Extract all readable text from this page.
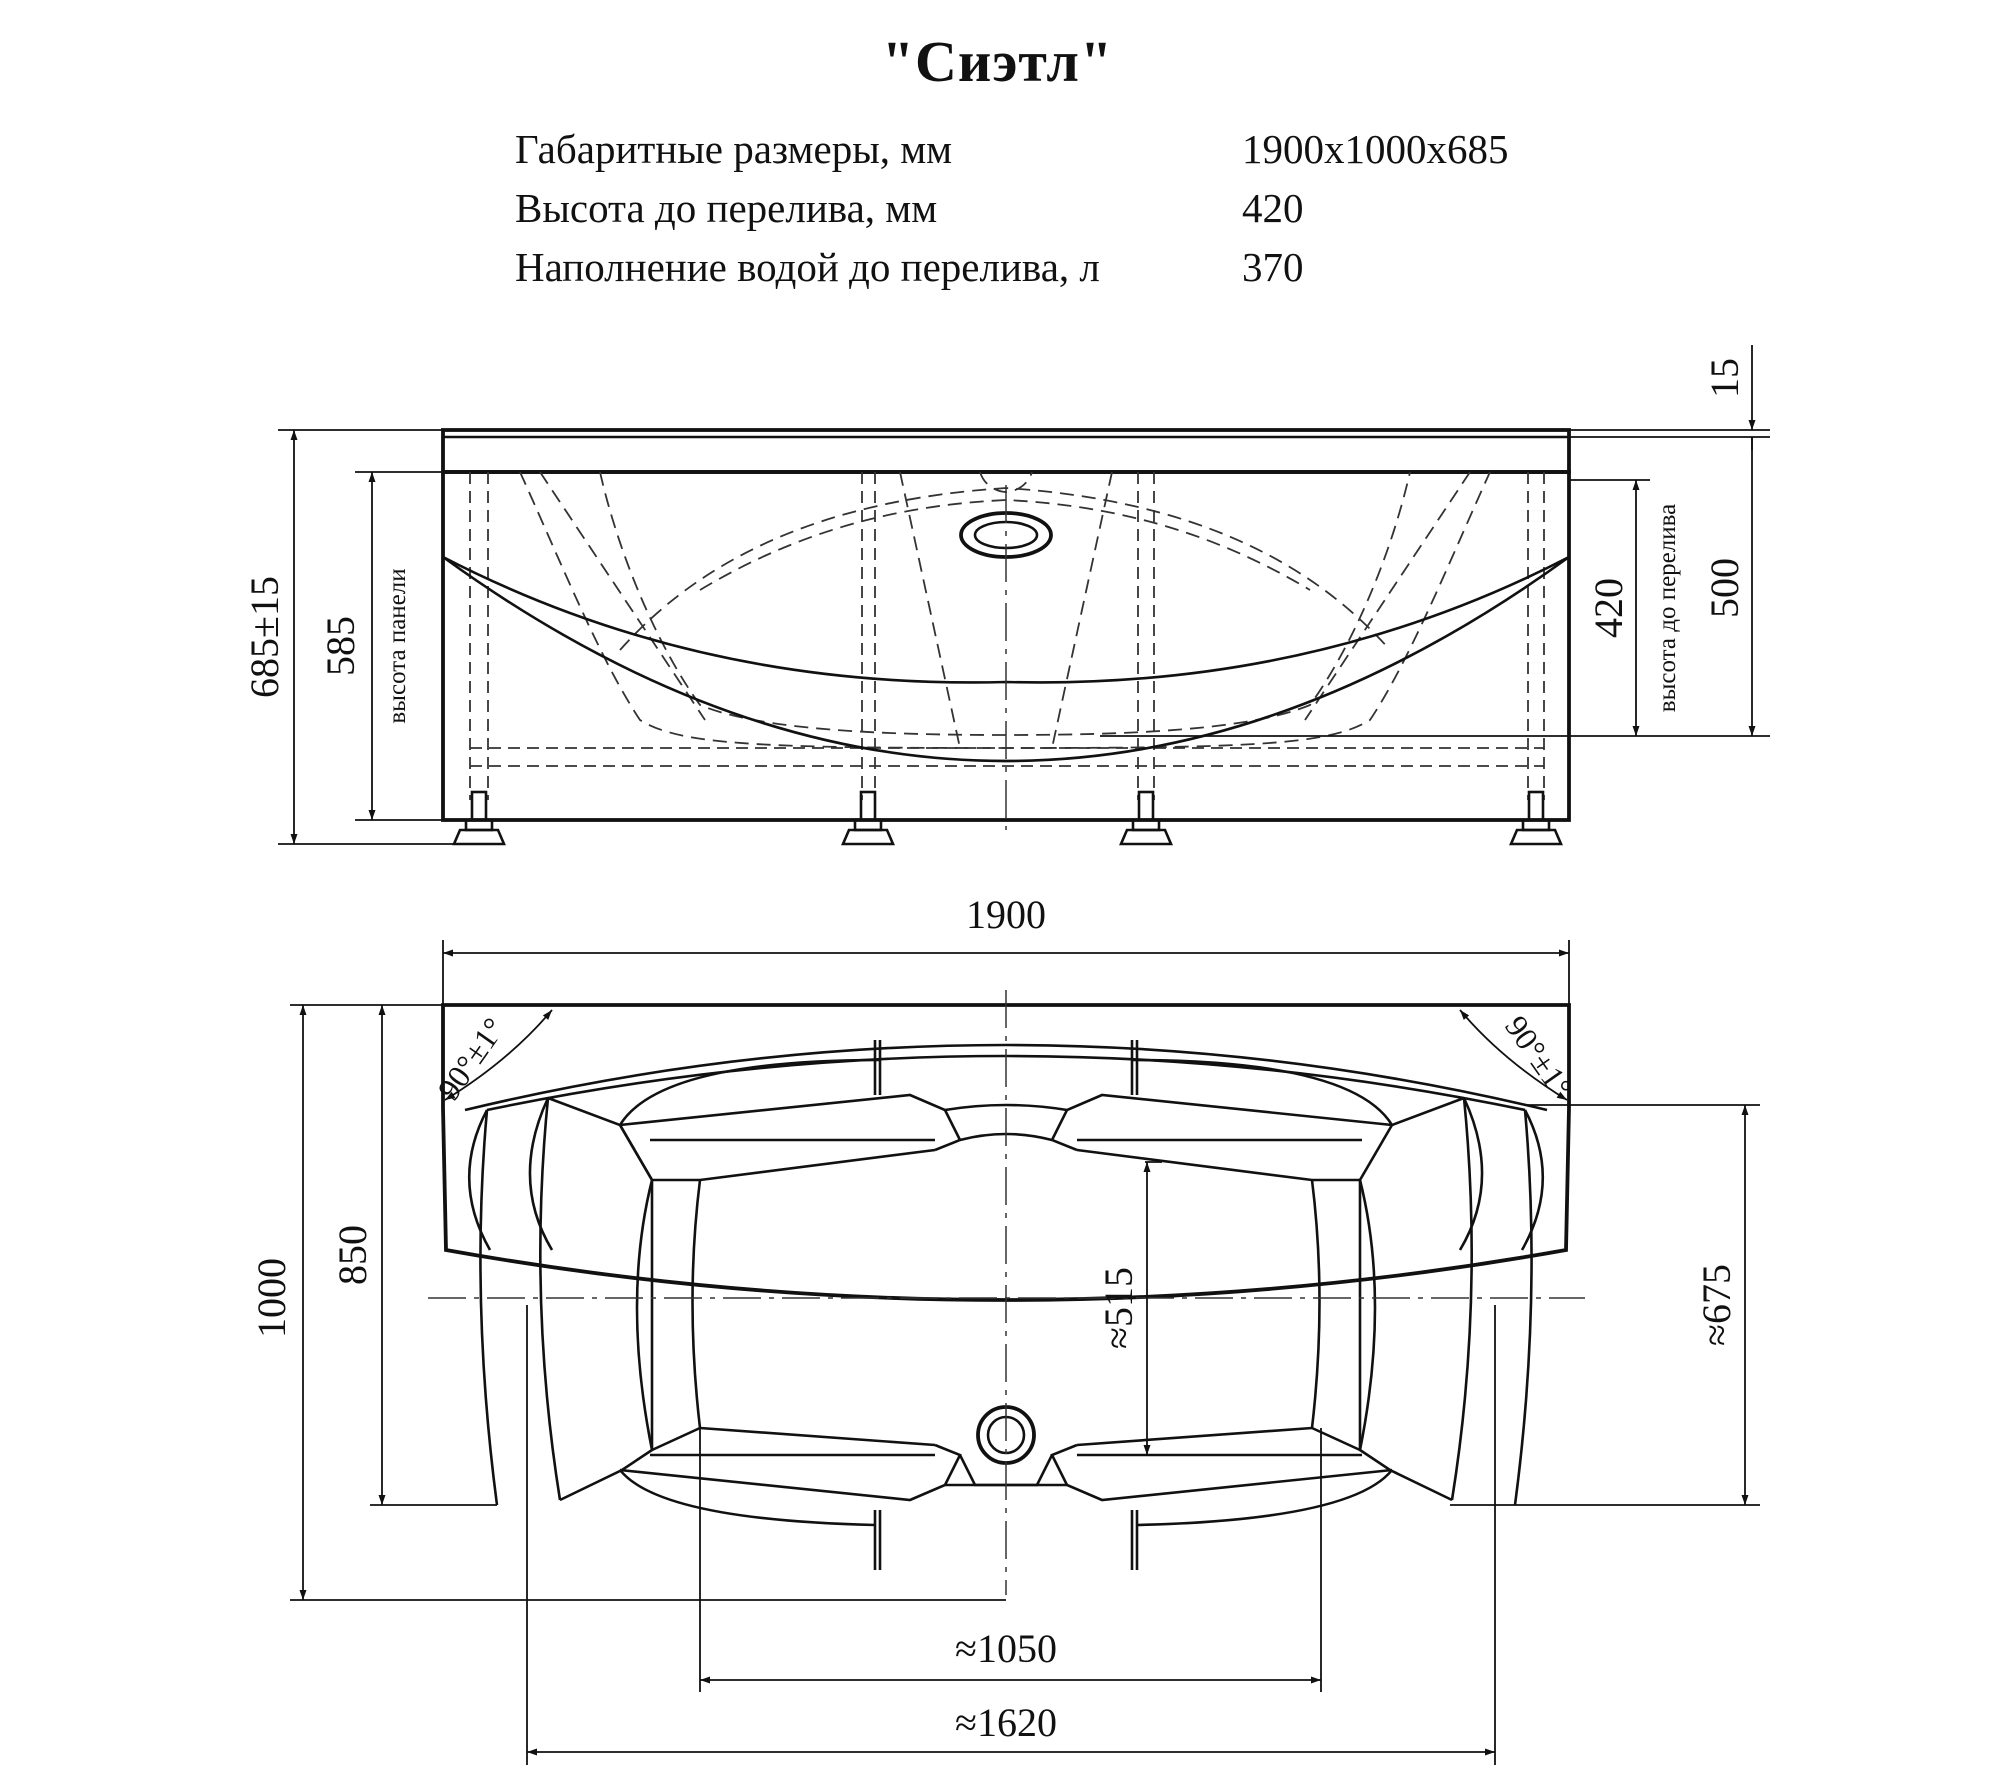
"Сиэтл"
Габаритные размеры, мм	1900x1000x685
Высота до перелива, мм	420
Наполнение водой до перелива, л	370
685±15 585 высота панели
15
420 высота до перелива 500
1900
1000
850
≈515	≈675
≈1050
≈1620
90°±1°	90°±1°
